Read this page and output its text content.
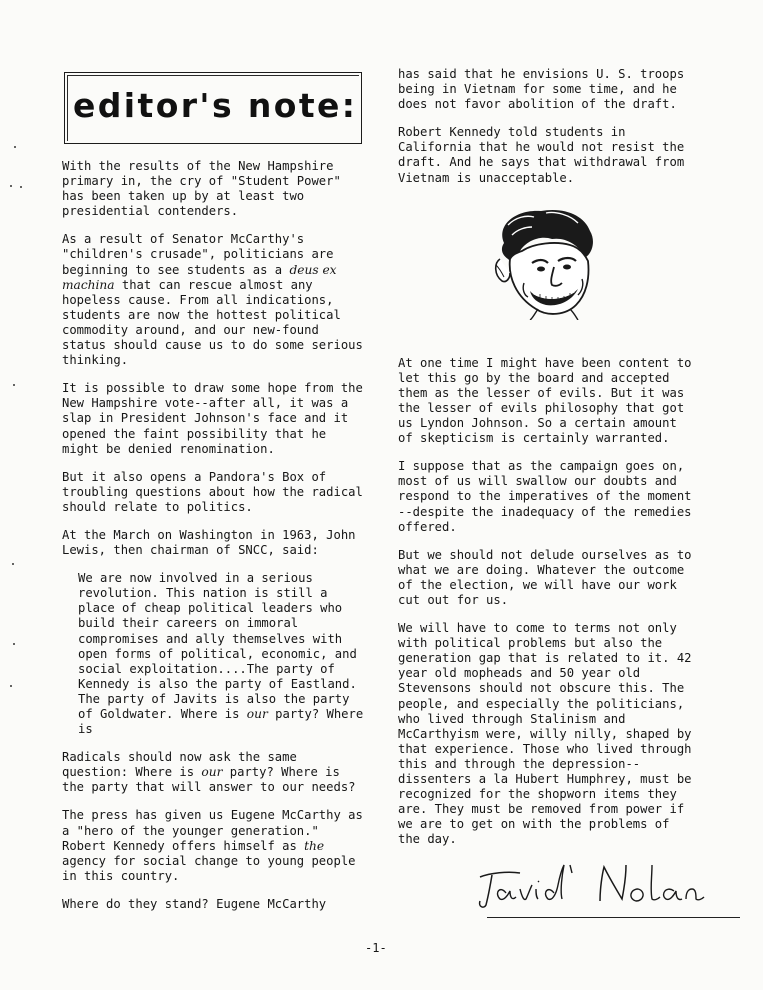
editor's note:

With the results of the New Hampshire primary in, the cry of "Student Power" has been taken up by at least two presidential contenders.

As a result of Senator McCarthy's "children's crusade", politicians are beginning to see students as a deus ex machina that can rescue almost any hopeless cause. From all indications, students are now the hottest political commodity around, and our new-found status should cause us to do some serious thinking.

It is possible to draw some hope from the New Hampshire vote--after all, it was a slap in President Johnson's face and it opened the faint possibility that he might be denied renomination.

But it also opens a Pandora's Box of troubling questions about how the radical should relate to politics.

At the March on Washington in 1963, John Lewis, then chairman of SNCC, said:

We are now involved in a serious revolution. This nation is still a place of cheap political leaders who build their careers on immoral compromises and ally themselves with open forms of political, economic, and social exploitation....The party of Kennedy is also the party of Eastland. The party of Javits is also the party of Goldwater. Where is our party? Where is

Radicals should now ask the same question: Where is our party? Where is the party that will answer to our needs?

The press has given us Eugene McCarthy as a "hero of the younger generation." Robert Kennedy offers himself as the agency for social change to young people in this country.

Where do they stand? Eugene McCarthy

has said that he envisions U. S. troops being in Vietnam for some time, and he does not favor abolition of the draft.

Robert Kennedy told students in California that he would not resist the draft. And he says that withdrawal from Vietnam is unacceptable.

At one time I might have been content to let this go by the board and accepted them as the lesser of evils. But it was the lesser of evils philosophy that got us Lyndon Johnson. So a certain amount of skepticism is certainly warranted.

I suppose that as the campaign goes on, most of us will swallow our doubts and respond to the imperatives of the moment --despite the inadequacy of the remedies offered.

But we should not delude ourselves as to what we are doing. Whatever the outcome of the election, we will have our work cut out for us.

We will have to come to terms not only with political problems but also the generation gap that is related to it. 42 year old mopheads and 50 year old Stevensons should not obscure this. The people, and especially the politicians, who lived through Stalinism and McCarthyism were, willy nilly, shaped by that experience. Those who lived through this and through the depression--dissenters a la Hubert Humphrey, must be recognized for the shopworn items they are. They must be removed from power if we are to get on with the problems of the day.

-1-
